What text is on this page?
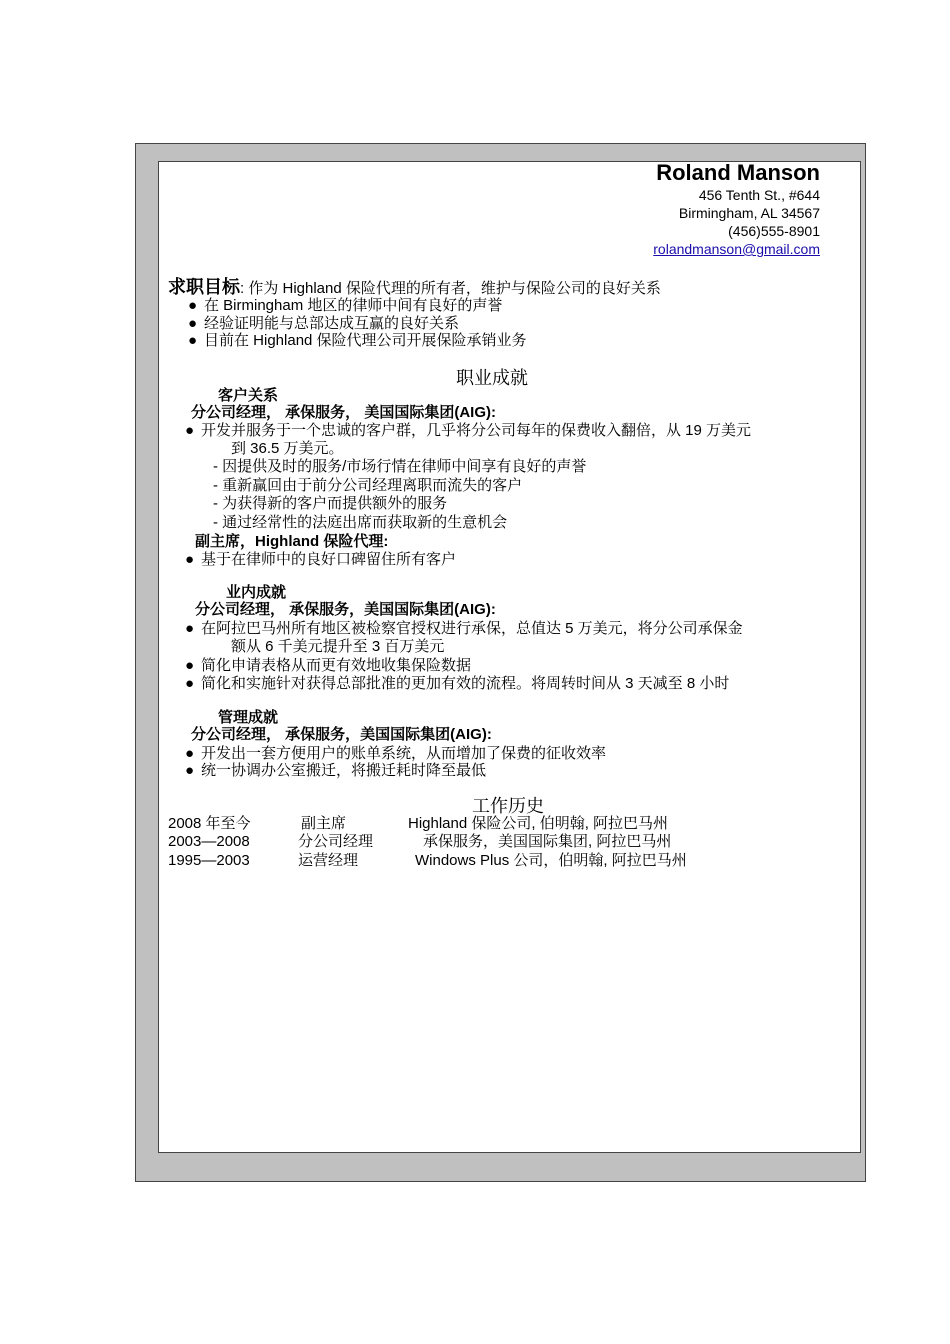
Roland Manson
456 Tenth St., #644
Birmingham, AL 34567
(456)555-8901
rolandmanson@gmail.com
求职目标: 作为 Highland 保险代理的所有者，维护与保险公司的良好关系
● 在 Birmingham 地区的律师中间有良好的声誉
● 经验证明能与总部达成互赢的良好关系
● 目前在 Highland 保险代理公司开展保险承销业务
职业成就
客户关系
分公司经理， 承保服务， 美国国际集团(AIG):
● 开发并服务于一个忠诚的客户群，几乎将分公司每年的保费收入翻倍，从 19 万美元
到 36.5 万美元。
- 因提供及时的服务/市场行情在律师中间享有良好的声誉
- 重新赢回由于前分公司经理离职而流失的客户
- 为获得新的客户而提供额外的服务
- 通过经常性的法庭出席而获取新的生意机会
副主席，Highland 保险代理:
● 基于在律师中的良好口碑留住所有客户
业内成就
分公司经理， 承保服务，美国国际集团(AIG):
● 在阿拉巴马州所有地区被检察官授权进行承保，总值达 5 万美元，将分公司承保金
额从 6 千美元提升至 3 百万美元
● 简化申请表格从而更有效地收集保险数据
● 简化和实施针对获得总部批准的更加有效的流程。将周转时间从 3 天减至 8 小时
管理成就
分公司经理， 承保服务，美国国际集团(AIG):
● 开发出一套方便用户的账单系统，从而增加了保费的征收效率
● 统一协调办公室搬迁，将搬迁耗时降至最低
工作历史
2008 年至今	副主席	Highland 保险公司, 伯明翰, 阿拉巴马州
2003—2008	分公司经理	承保服务，美国国际集团, 阿拉巴马州
1995—2003	运营经理	Windows Plus 公司，伯明翰, 阿拉巴马州
